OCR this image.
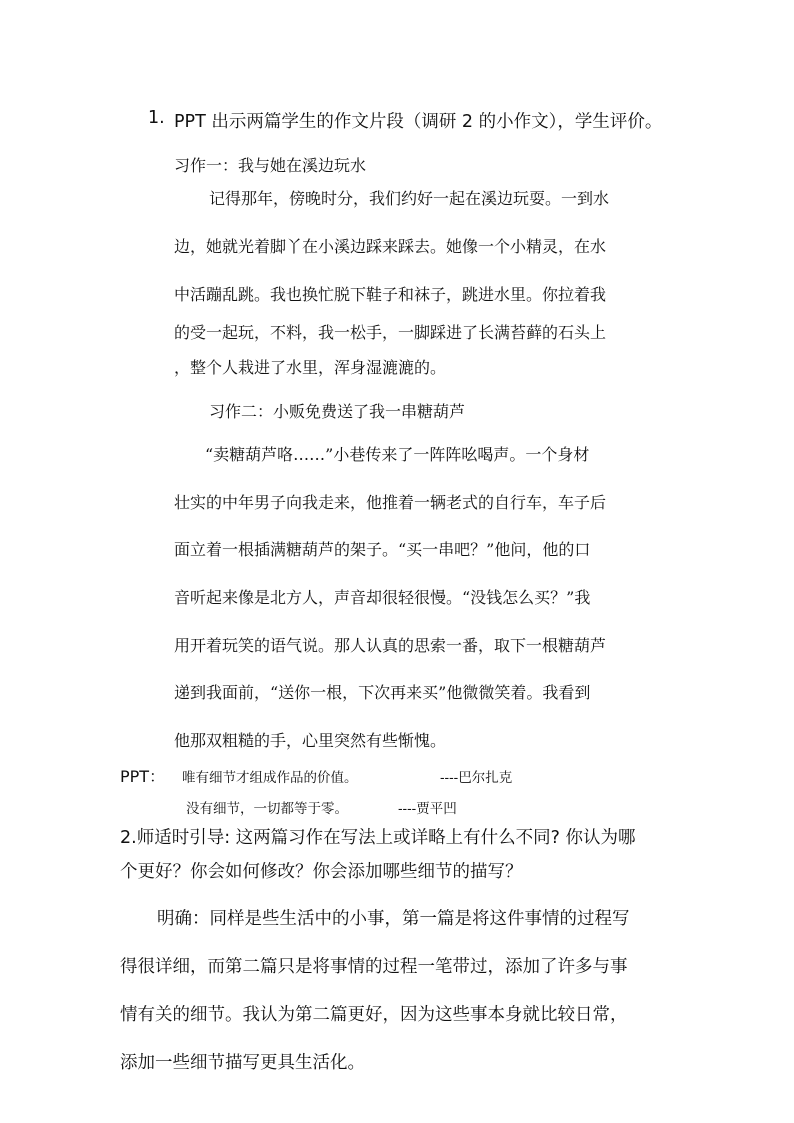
1. PPT 出示两篇学生的作文片段（调研 2 的小作文），学生评价。
习作一：我与她在溪边玩水
记得那年，傍晚时分，我们约好一起在溪边玩耍。一到水
边，她就光着脚丫在小溪边踩来踩去。她像一个小精灵，在水
中活蹦乱跳。我也换忙脱下鞋子和袜子，跳进水里。你拉着我
的受一起玩，不料，我一松手，一脚踩进了长满苔藓的石头上
，整个人栽进了水里，浑身湿漉漉的。
习作二：小贩免费送了我一串糖葫芦
“卖糖葫芦咯……”小巷传来了一阵阵吆喝声。一个身材
壮实的中年男子向我走来，他推着一辆老式的自行车，车子后
面立着一根插满糖葫芦的架子。“买一串吧？”他问，他的口
音听起来像是北方人，声音却很轻很慢。“没钱怎么买？”我
用开着玩笑的语气说。那人认真的思索一番，取下一根糖葫芦
递到我面前，“送你一根，下次再来买”他微微笑着。我看到
他那双粗糙的手，心里突然有些惭愧。
PPT： 唯有细节才组成作品的价值。	----巴尔扎克
没有细节，一切都等于零。	----贾平凹
2.师适时引导: 这两篇习作在写法上或详略上有什么不同? 你认为哪
个更好？你会如何修改？你会添加哪些细节的描写？
明确：同样是些生活中的小事，第一篇是将这件事情的过程写
得很详细，而第二篇只是将事情的过程一笔带过，添加了许多与事
情有关的细节。我认为第二篇更好，因为这些事本身就比较日常，
添加一些细节描写更具生活化。
